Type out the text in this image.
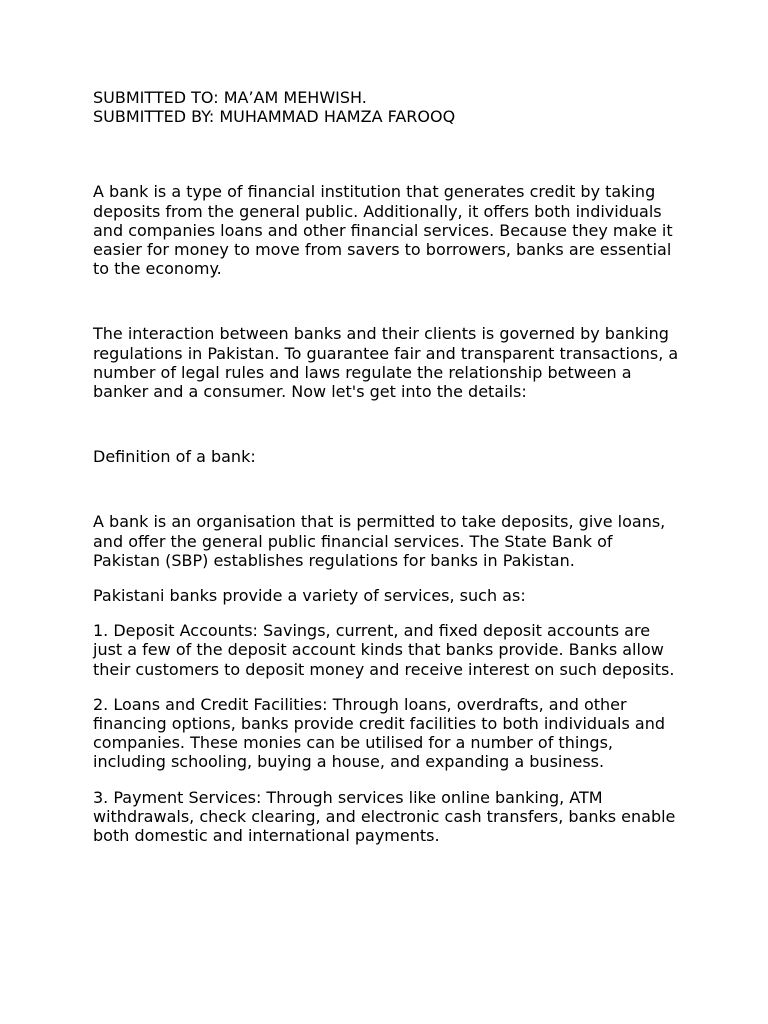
SUBMITTED TO: MA’AM MEHWISH.

SUBMITTED BY: MUHAMMAD HAMZA FAROOQ

A bank is a type of financial institution that generates credit by taking deposits from the general public. Additionally, it offers both individuals and companies loans and other financial services. Because they make it easier for money to move from savers to borrowers, banks are essential to the economy.

The interaction between banks and their clients is governed by banking regulations in Pakistan. To guarantee fair and transparent transactions, a number of legal rules and laws regulate the relationship between a banker and a consumer. Now let's get into the details:

Definition of a bank:

A bank is an organisation that is permitted to take deposits, give loans, and offer the general public financial services. The State Bank of Pakistan (SBP) establishes regulations for banks in Pakistan.

Pakistani banks provide a variety of services, such as:

1. Deposit Accounts: Savings, current, and fixed deposit accounts are just a few of the deposit account kinds that banks provide. Banks allow their customers to deposit money and receive interest on such deposits.

2. Loans and Credit Facilities: Through loans, overdrafts, and other financing options, banks provide credit facilities to both individuals and companies. These monies can be utilised for a number of things, including schooling, buying a house, and expanding a business.

3. Payment Services: Through services like online banking, ATM withdrawals, check clearing, and electronic cash transfers, banks enable both domestic and international payments.
